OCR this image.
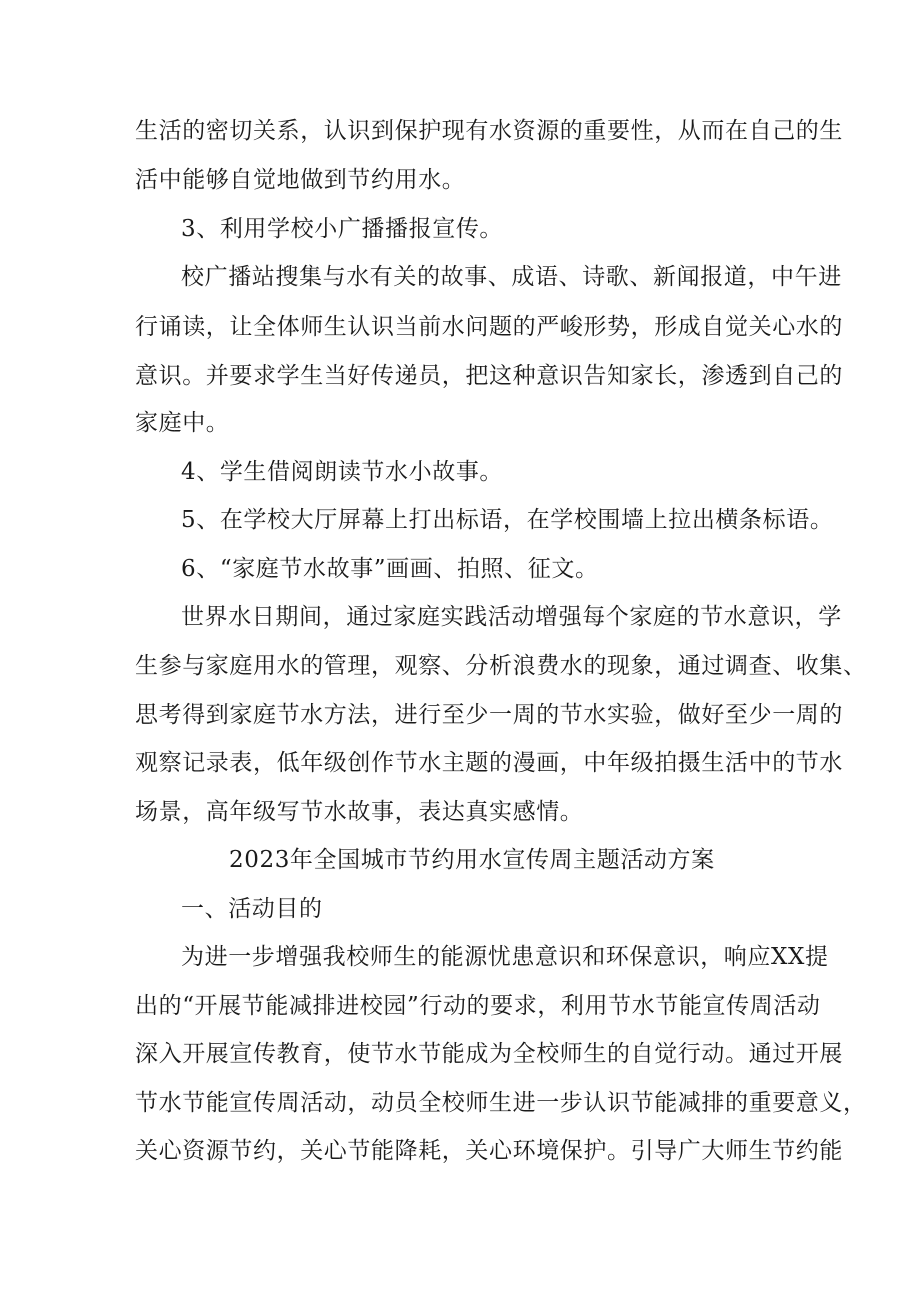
生活的密切关系，认识到保护现有水资源的重要性，从而在自己的生
活中能够自觉地做到节约用水。
3、利用学校小广播播报宣传。
校广播站搜集与水有关的故事、成语、诗歌、新闻报道，中午进
行诵读，让全体师生认识当前水问题的严峻形势，形成自觉关心水的
意识。并要求学生当好传递员，把这种意识告知家长，渗透到自己的
家庭中。
4、学生借阅朗读节水小故事。
5、在学校大厅屏幕上打出标语，在学校围墙上拉出横条标语。
6、“家庭节水故事”画画、拍照、征文。
世界水日期间，通过家庭实践活动增强每个家庭的节水意识，学
生参与家庭用水的管理，观察、分析浪费水的现象，通过调查、收集、
思考得到家庭节水方法，进行至少一周的节水实验，做好至少一周的
观察记录表，低年级创作节水主题的漫画，中年级拍摄生活中的节水
场景，高年级写节水故事，表达真实感情。
2023年全国城市节约用水宣传周主题活动方案
一、活动目的
为进一步增强我校师生的能源忧患意识和环保意识，响应XX提
出的“开展节能减排进校园”行动的要求，利用节水节能宣传周活动
深入开展宣传教育，使节水节能成为全校师生的自觉行动。通过开展
节水节能宣传周活动，动员全校师生进一步认识节能减排的重要意义，
关心资源节约，关心节能降耗，关心环境保护。引导广大师生节约能
